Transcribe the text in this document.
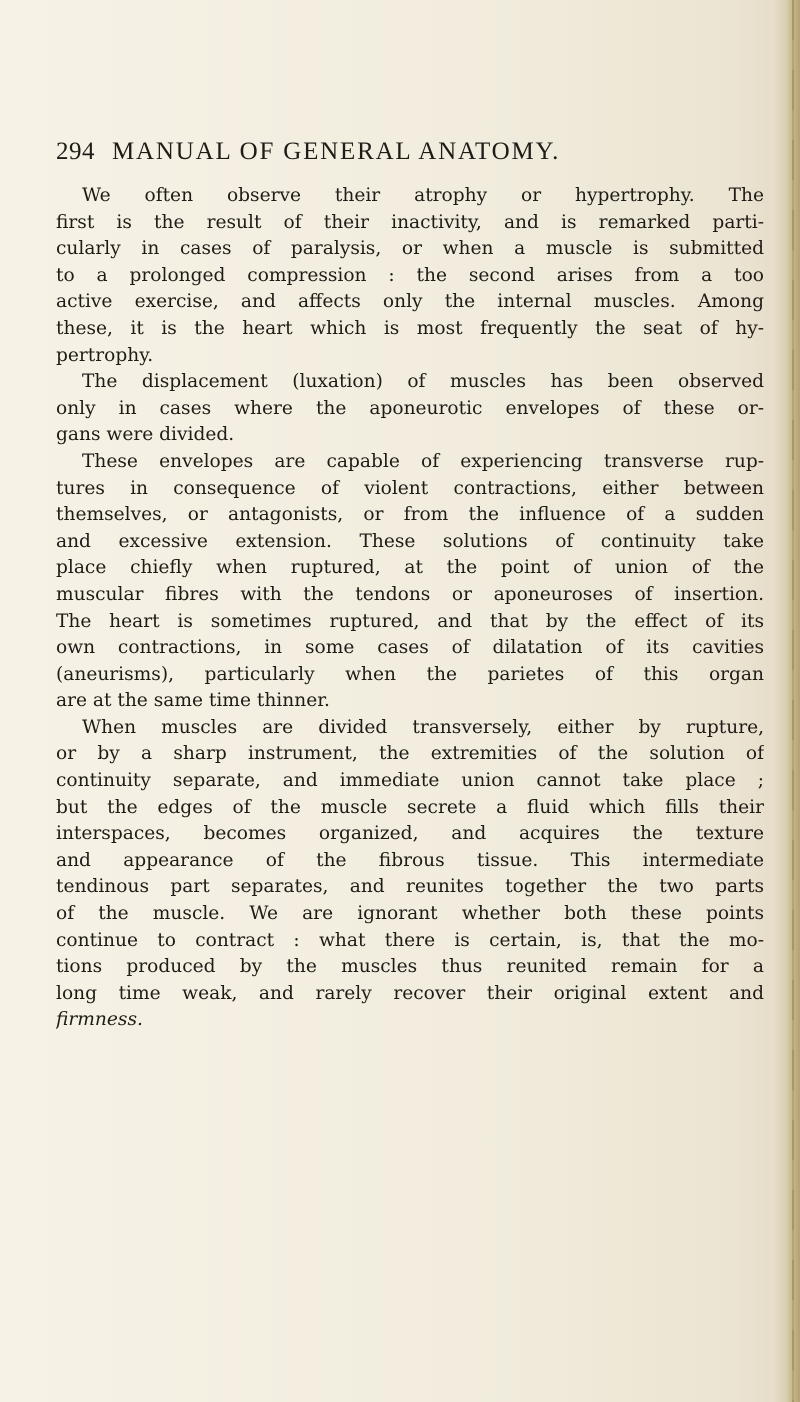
294 MANUAL OF GENERAL ANATOMY.
We often observe their atrophy or hypertrophy. The
first is the result of their inactivity, and is remarked parti-
cularly in cases of paralysis, or when a muscle is submitted
to a prolonged compression : the second arises from a too
active exercise, and affects only the internal muscles. Among
these, it is the heart which is most frequently the seat of hy-
pertrophy.
The displacement (luxation) of muscles has been observed
only in cases where the aponeurotic envelopes of these or-
gans were divided.
These envelopes are capable of experiencing transverse rup-
tures in consequence of violent contractions, either between
themselves, or antagonists, or from the influence of a sudden
and excessive extension. These solutions of continuity take
place chiefly when ruptured, at the point of union of the
muscular fibres with the tendons or aponeuroses of insertion.
The heart is sometimes ruptured, and that by the effect of its
own contractions, in some cases of dilatation of its cavities
(aneurisms), particularly when the parietes of this organ
are at the same time thinner.
When muscles are divided transversely, either by rupture,
or by a sharp instrument, the extremities of the solution of
continuity separate, and immediate union cannot take place ;
but the edges of the muscle secrete a fluid which fills their
interspaces, becomes organized, and acquires the texture
and appearance of the fibrous tissue. This intermediate
tendinous part separates, and reunites together the two parts
of the muscle. We are ignorant whether both these points
continue to contract : what there is certain, is, that the mo-
tions produced by the muscles thus reunited remain for a
long time weak, and rarely recover their original extent and
firmness.
